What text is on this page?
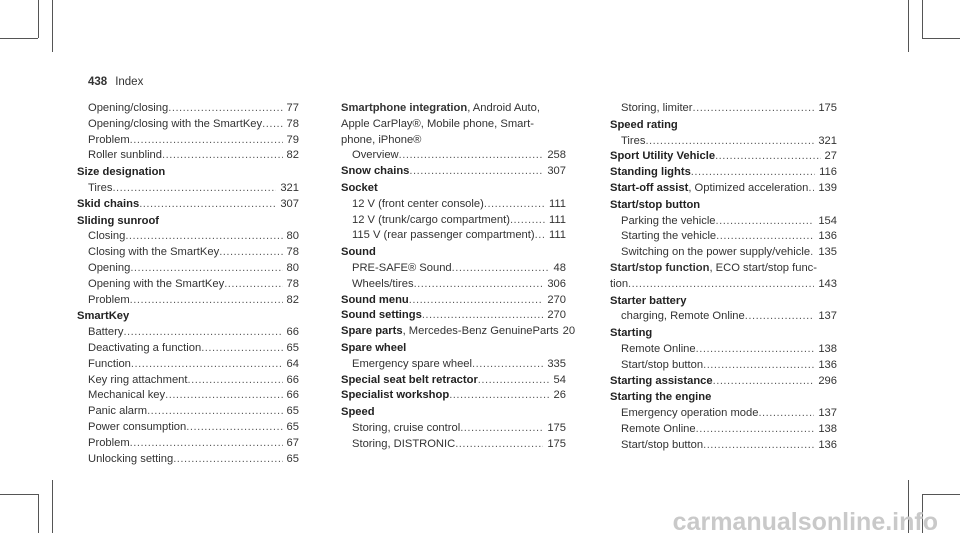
438 Index
Opening/closing .....	77
Opening/closing with the SmartKey .....	78
Problem .....	79
Roller sunblind .....	82
Size designation
Tires .....	321
Skid chains .....	307
Sliding sunroof
Closing .....	80
Closing with the SmartKey .....	78
Opening .....	80
Opening with the SmartKey .....	78
Problem .....	82
SmartKey
Battery .....	66
Deactivating a function .....	65
Function .....	64
Key ring attachment .....	66
Mechanical key .....	66
Panic alarm .....	65
Power consumption .....	65
Problem .....	67
Unlocking setting .....	65
Smartphone integration, Android Auto,
Apple CarPlay®, Mobile phone, Smart-
phone, iPhone®
Overview .....	258
Snow chains .....	307
Socket
12 V (front center console) .....	111
12 V (trunk/cargo compartment) .....	111
115 V (rear passenger compartment) .....	111
Sound
PRE-SAFE® Sound .....	48
Wheels/tires .....	306
Sound menu .....	270
Sound settings .....	270
Spare parts, Mercedes-Benz GenuineParts 20
Spare wheel
Emergency spare wheel .....	335
Special seat belt retractor .....	54
Specialist workshop .....	26
Speed
Storing, cruise control .....	175
Storing, DISTRONIC .....	175
Storing, limiter .....	175
Speed rating
Tires .....	321
Sport Utility Vehicle .....	27
Standing lights .....	116
Start-off assist, Optimized acceleration ..... 139
Start/stop button
Parking the vehicle .....	154
Starting the vehicle .....	136
Switching on the power supply/vehicle ..... 135
Start/stop function, ECO start/stop func-
tion .....	143
Starter battery
charging, Remote Online .....	137
Starting
Remote Online .....	138
Start/stop button .....	136
Starting assistance .....	296
Starting the engine
Emergency operation mode .....	137
Remote Online .....	138
Start/stop button .....	136
carmanualsonline.info
